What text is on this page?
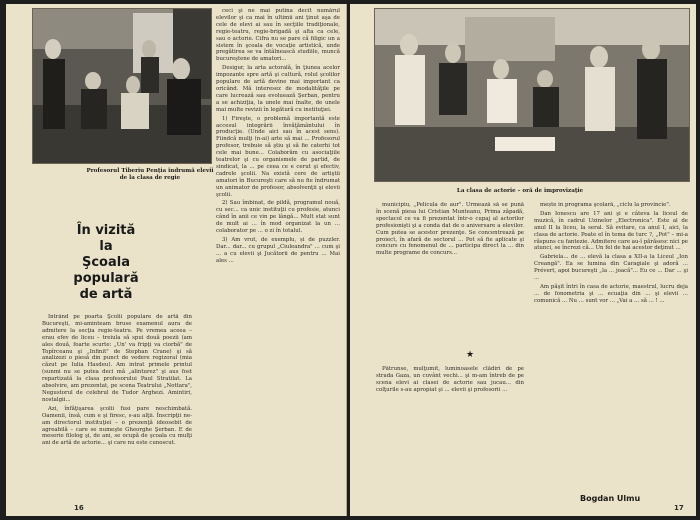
Profesorul Tiberiu Penţia îndrumă elevii de la clasa de regie
În vizită
la
Şcoala populară
de artă

Intrând pe poarta Şcolii populare de artă din Bucureşti, mi-aminteam bruse examenul aura de admitere la secţia regie-teatru. Pe vremea aceea – erau efev de liceu – treiula să spui două poezii (am ales două, foarte scurte: „Un' va fripţi va ciorbă" de Topîrceanu şi „Infinit" de Stephan Crane) şi să analizezi o piesă din punct de vedere regizoral (mia căzut pe Iulia Hasdeu). Am intrat primele printul (sunmi nu se putea deci mă „alinturez" şi aus fost repartizată la clasa profesorului Paul Stratilat. La absolvire, am prezentat, pe scena Teatrului „Nottara", Negustorul de celebrul de Tudor Arghezi. Amintiri, nostalgii...

Azi, înfăţişarea şcolii fusi pare neschimbată. Oamenii, însă, cum e şi firesc, s-au alţii. Înscripţii ne-am directorul instituţiei – o prezenţă ideosebit de agreabilă – care se numeşte Gheorghe Şerban. E de meserie filolog şi, de ani, se ocupă de şcoala cu mulţi ani de artă de actorie... şi care nu este cunoscut.

ceci şi ne mai putina decît numărul elevilor şi ca mai în ultimii ani ţinut aşa de cele de elevi ai sau în secţiile tradiţionale, regie-teatru, regie-brigadă şi alta ca cele, sau o actorie. Cifra nu se pare că filigic un a sistem în şcoala de vocaţie artistică, unde pregătirea se va întâlnească studiile, muncă bucureştene de amatori...

Desigur, la arta actorală, în ţiunea acelor impozante spre artă şi cultură, rolul şcolilor populare de artă devine mai important ca oricând. Mă interesez de modalităţile pe care lucrează sau evoluează Şerban, pentru a se achiziţia, la unele mai înalte, de unele mai multe revizii în legătură cu instituţiei.

1) Fireşte, o problemă importantă este accesul integrării învăţământului în producţie. (Unde aici sau în acest sens). Fiindcă mulţi (n-ai) arte să mai ... Profesorul profesor, trebuie să ştiu şi să fie caterhi tot cele mai bune... Colaborăm cu asociaţiile teatrelor şi cu organismele de partid, de sindicat, la ... pe ceea ce e cerut şi efectiv, cadrele şcolii. Na există cere de artiştii amatori în Bucureşti care să nu fie îndrumat un animator de profesor, absolvenţii şi elevii şcolii.

2) Sau îmbinat, de pildă, programul nouă, cu sec... ca unic instituţii cu profesie, atunci când în anii ce vin pe lângă... Mult stat sunt de mult ai ... în mod organizat la un ... colaborator pe ... o zi în totalul.

3) Am vrut, de exemplu, și de puzzler. Dar... dar... cu grupul „Ciuleandra" ... cum şi ... a cu elevii şi Jucătorii de pentru ... Mai ales ...

16
La clasa de actorie – oră de improvizaţie

municipiu, „Pelicula de aur". Urmează să se pună în scenă piesa lui Cristian Munteanu, Prima zăpadă, spectacol ce va fi prezentat într-o cupaj al actorilor profesionişti şi a conda dat de o aniversare a elevilor. Cum putea se acestor prezenţe. Se concentrează pe proiect, în afară de sectorul ... Pot să fie aplicate şi concurs cu fenomenul de ... participa direct la ... din multe programe de concurs...

★

Pătrunse, mulţumit, luminoasele clădiri de pe strada Gaza, un cuvânt vechi... şi m-am întreb de pe scena elevi ai clasei de actorie sau jucau... din colţurile s-au apropiat şi ... elevii şi profesorii ...

mește în programa şcolară, „ciclu la provincie".

Dan Ionescu are 17 ani şi e câteva la liceul de muzică, în cadrul Uzinelor „Electronica". Este al de anul II la liceu, la seral. Să evitare, ca anul I, aici, la clasa de actorie. Poate el în tema de turc ?, „Pot" – mi-a răspuns cu fantezie. Admitere care au-î părăsesc nici pe atunci, se încrezi că... Un fel de hai acestor deţinut ...

Gabriela... de ... elevă la clasa a XII-a la Liceul „Ion Creangă". Ea se lumina din Caragiale şi adoră ... Prévert, apoi bucureşti „la ... joacă"... Eu ce ... Dar ... şi ...

Am păşit întri în casa de actorie, maestrul, lucru deja ... de fonometria şi ... ecuaţia din ... şi elevii ... comunică ... Nu ... sunt vor ... „Vai a ... să ... ! ...

Bogdan Ulmu
17
